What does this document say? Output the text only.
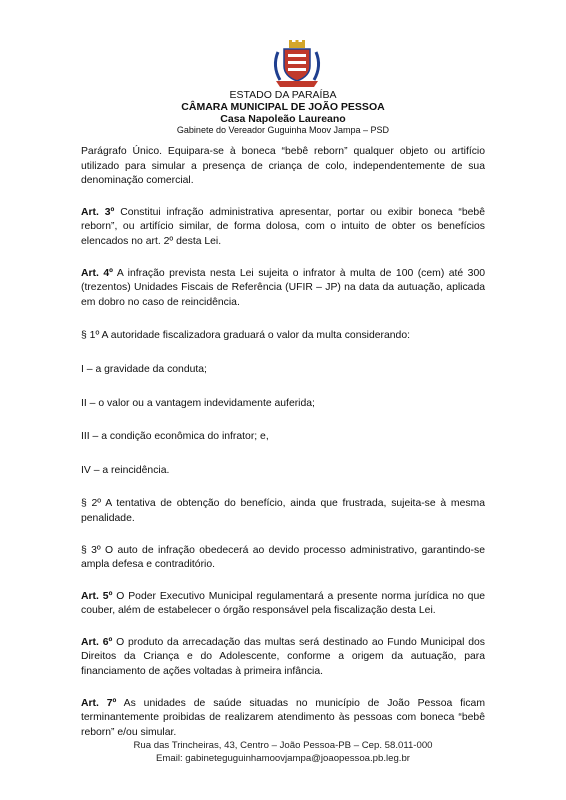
ESTADO DA PARAÍBA
CÂMARA MUNICIPAL DE JOÃO PESSOA
Casa Napoleão Laureano
Gabinete do Vereador Guguinha Moov Jampa – PSD

Parágrafo Único. Equipara-se à boneca “bebê reborn” qualquer objeto ou artifício utilizado para simular a presença de criança de colo, independentemente de sua denominação comercial.

Art. 3º Constitui infração administrativa apresentar, portar ou exibir boneca “bebê reborn”, ou artifício similar, de forma dolosa, com o intuito de obter os benefícios elencados no art. 2º desta Lei.

Art. 4º A infração prevista nesta Lei sujeita o infrator à multa de 100 (cem) até 300 (trezentos) Unidades Fiscais de Referência (UFIR – JP) na data da autuação, aplicada em dobro no caso de reincidência.

§ 1º A autoridade fiscalizadora graduará o valor da multa considerando:

I – a gravidade da conduta;

II – o valor ou a vantagem indevidamente auferida;

III – a condição econômica do infrator; e,

IV – a reincidência.

§ 2º A tentativa de obtenção do benefício, ainda que frustrada, sujeita-se à mesma penalidade.

§ 3º O auto de infração obedecerá ao devido processo administrativo, garantindo-se ampla defesa e contraditório.

Art. 5º O Poder Executivo Municipal regulamentará a presente norma jurídica no que couber, além de estabelecer o órgão responsável pela fiscalização desta Lei.

Art. 6º O produto da arrecadação das multas será destinado ao Fundo Municipal dos Direitos da Criança e do Adolescente, conforme a origem da autuação, para financiamento de ações voltadas à primeira infância.

Art. 7º As unidades de saúde situadas no município de João Pessoa ficam terminantemente proibidas de realizarem atendimento às pessoas com boneca “bebê reborn” e/ou simular.

Rua das Trincheiras, 43, Centro – João Pessoa-PB – Cep. 58.011-000
Email: gabineteguguinhamoovjampa@joaopessoa.pb.leg.br
